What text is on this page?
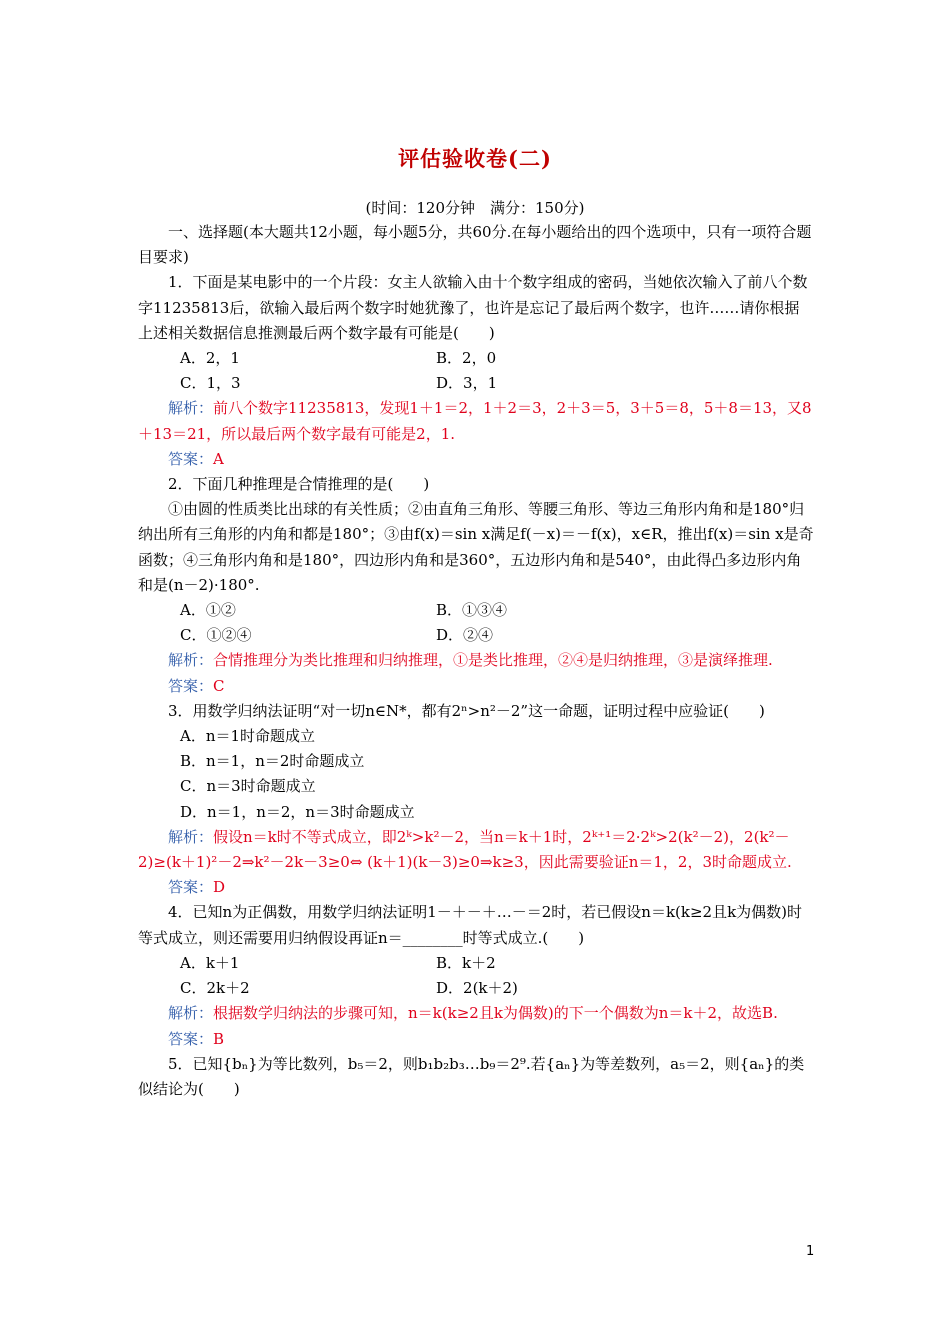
评估验收卷(二)
(时间：120分钟　满分：150分)

一、选择题(本大题共12小题，每小题5分，共60分.在每小题给出的四个选项中，只有一项符合题目要求)

1．下面是某电影中的一个片段：女主人欲输入由十个数字组成的密码，当她依次输入了前八个数字11235813后，欲输入最后两个数字时她犹豫了，也许是忘记了最后两个数字，也许……请你根据上述相关数据信息推测最后两个数字最有可能是(　　)

A．2，1	B．2，0

C．1，3	D．3，1

解析：前八个数字11235813，发现1＋1＝2，1＋2＝3，2＋3＝5，3＋5＝8，5＋8＝13，又8＋13＝21，所以最后两个数字最有可能是2，1.

答案：A

2．下面几种推理是合情推理的是(　　)

①由圆的性质类比出球的有关性质；②由直角三角形、等腰三角形、等边三角形内角和是180°归纳出所有三角形的内角和都是180°；③由f(x)＝sin x满足f(－x)＝－f(x)，x∈R，推出f(x)＝sin x是奇函数；④三角形内角和是180°，四边形内角和是360°，五边形内角和是540°，由此得凸多边形内角和是(n－2)·180°.

A．①②	B．①③④

C．①②④	D．②④

解析：合情推理分为类比推理和归纳推理，①是类比推理，②④是归纳推理，③是演绎推理.

答案：C

3．用数学归纳法证明“对一切n∈N*，都有2ⁿ>n²－2”这一命题，证明过程中应验证(　　)

A．n＝1时命题成立

B．n＝1，n＝2时命题成立

C．n＝3时命题成立

D．n＝1，n＝2，n＝3时命题成立

解析：假设n＝k时不等式成立，即2ᵏ>k²－2，当n＝k＋1时，2ᵏ⁺¹＝2·2ᵏ>2(k²－2)，2(k²－2)≥(k＋1)²－2⇒k²－2k－3≥0⇔ (k＋1)(k－3)≥0⇒k≥3，因此需要验证n＝1，2，3时命题成立.

答案：D

4．已知n为正偶数，用数学归纳法证明1－＋－＋…－＝2时，若已假设n＝k(k≥2且k为偶数)时等式成立，则还需要用归纳假设再证n＝________时等式成立.(　　)

A．k＋1	B．k＋2

C．2k＋2	D．2(k＋2)

解析：根据数学归纳法的步骤可知，n＝k(k≥2且k为偶数)的下一个偶数为n＝k＋2，故选B.

答案：B

5．已知{bₙ}为等比数列，b₅＝2，则b₁b₂b₃…b₉＝2⁹.若{aₙ}为等差数列，a₅＝2，则{aₙ}的类似结论为(　　)

1
